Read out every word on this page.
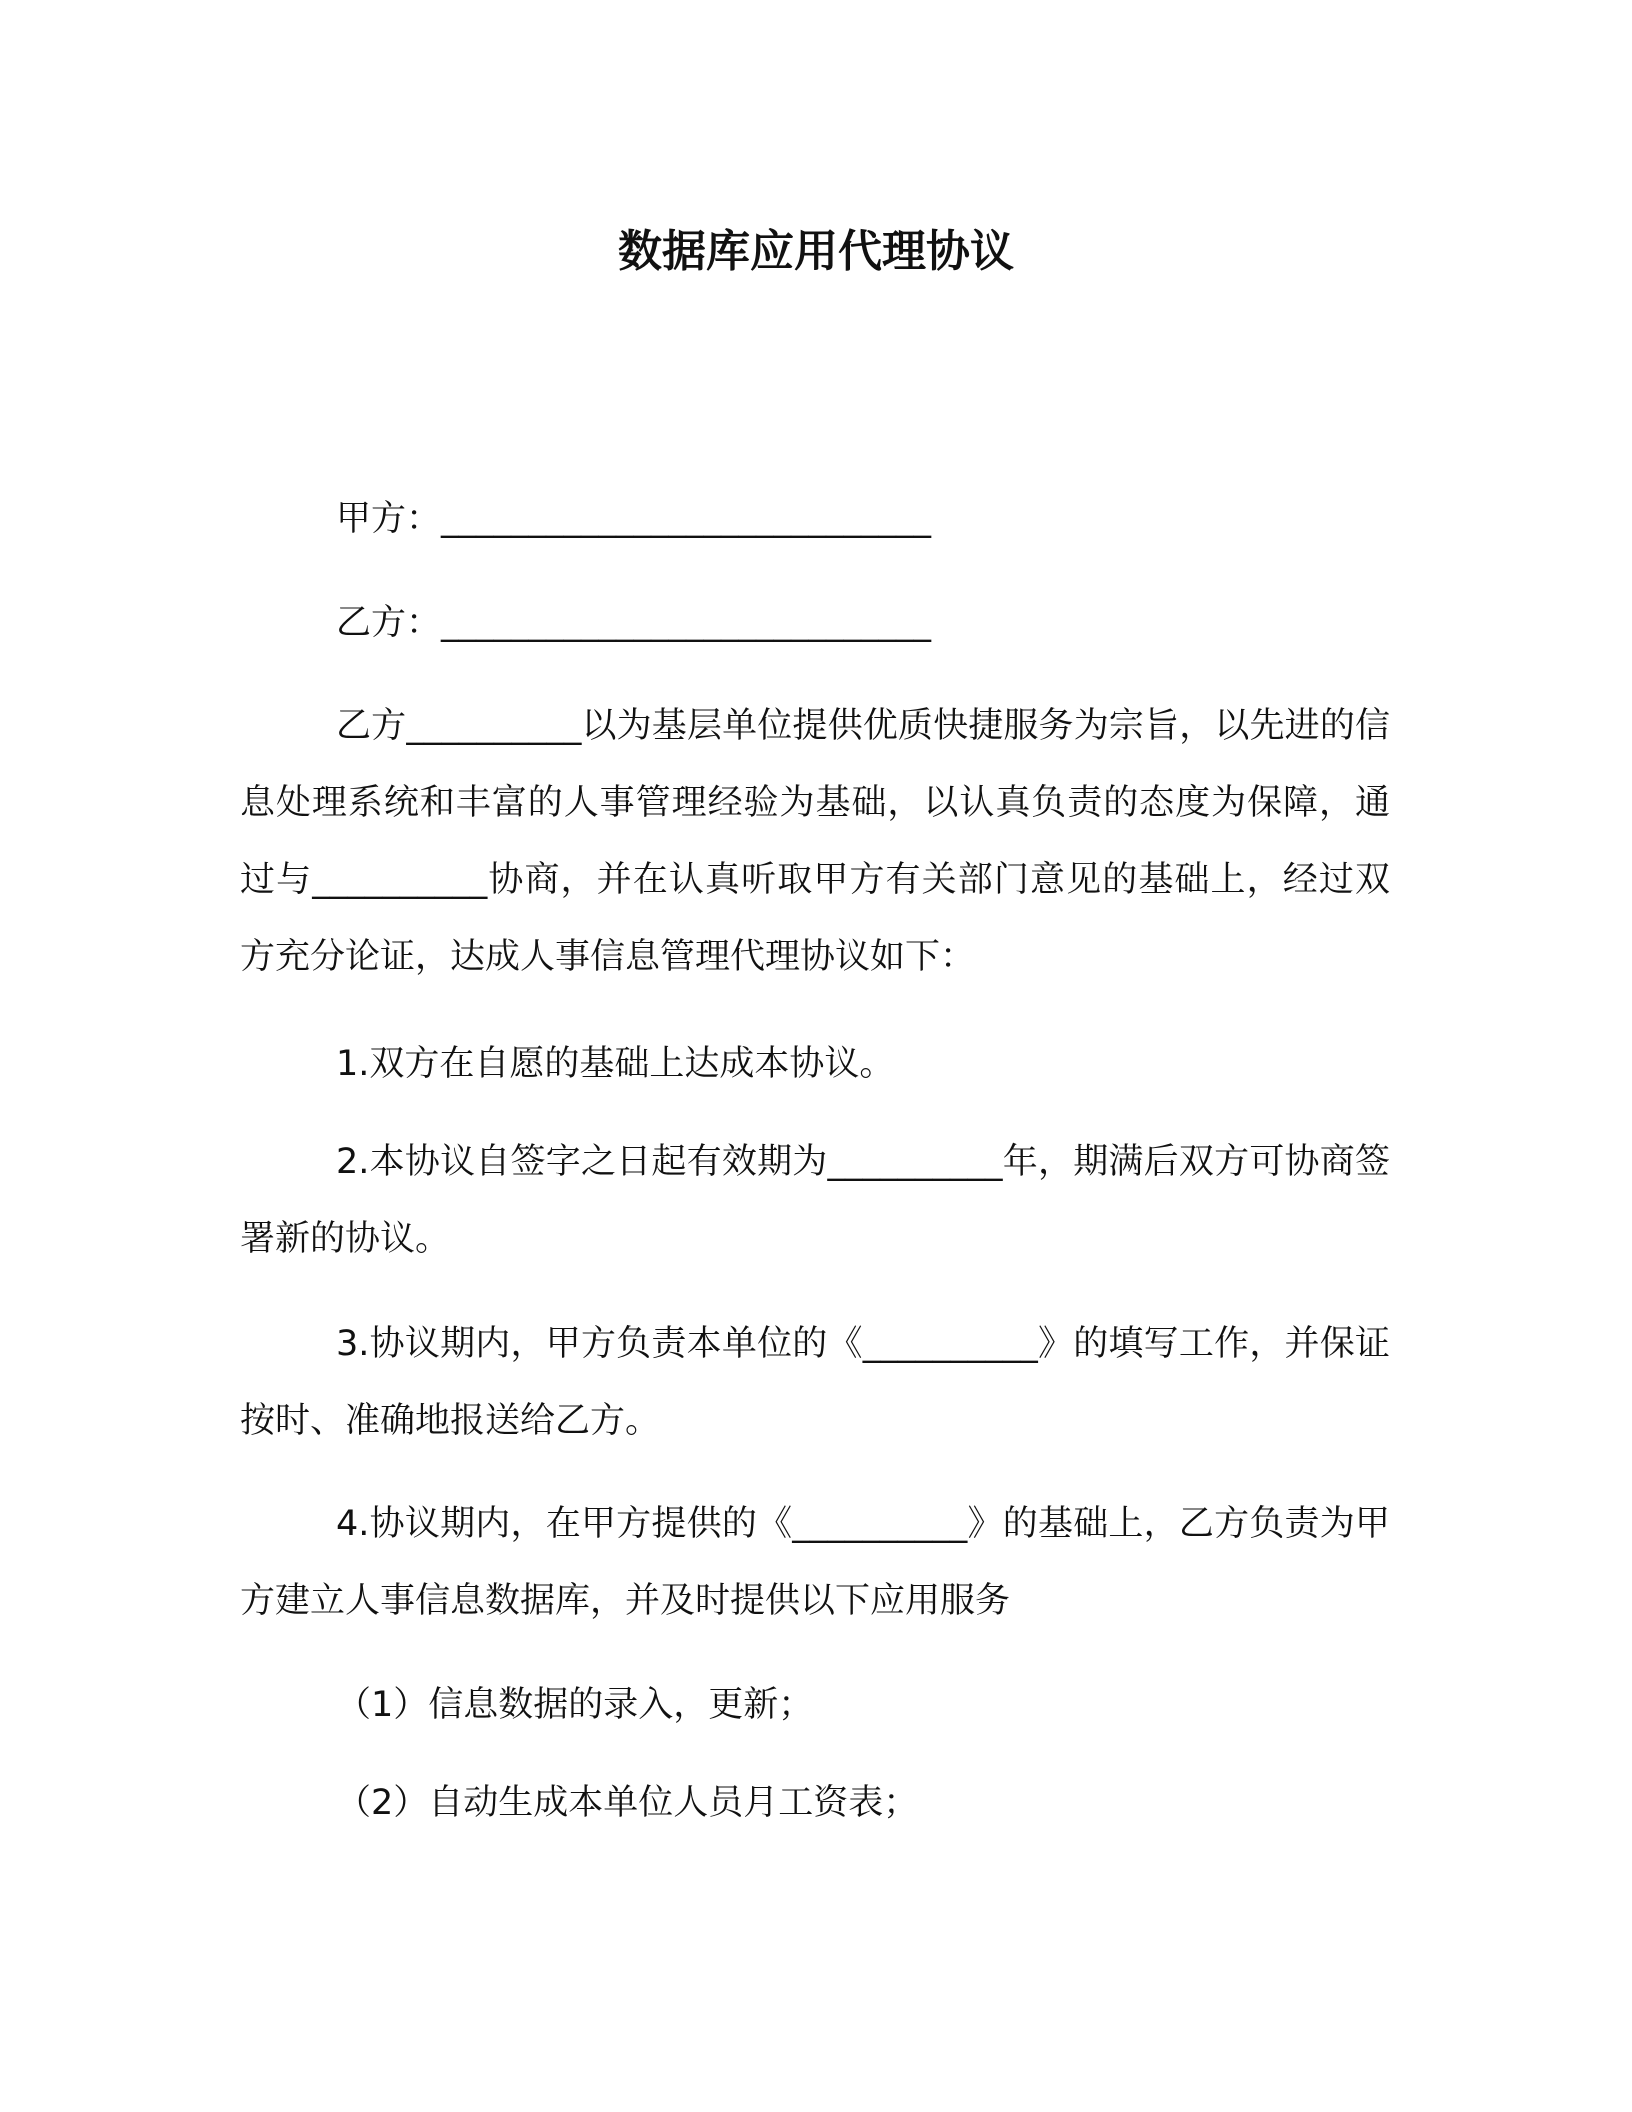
数据库应用代理协议
甲方：____________________________
乙方：____________________________
乙方__________以为基层单位提供优质快捷服务为宗旨，以先进的信息处理系统和丰富的人事管理经验为基础，以认真负责的态度为保障，通过与__________协商，并在认真听取甲方有关部门意见的基础上，经过双方充分论证，达成人事信息管理代理协议如下：
1.双方在自愿的基础上达成本协议。
2.本协议自签字之日起有效期为__________年，期满后双方可协商签署新的协议。
3.协议期内，甲方负责本单位的《__________》的填写工作，并保证按时、准确地报送给乙方。
4.协议期内，在甲方提供的《__________》的基础上，乙方负责为甲方建立人事信息数据库，并及时提供以下应用服务
（1）信息数据的录入，更新；
（2）自动生成本单位人员月工资表；
